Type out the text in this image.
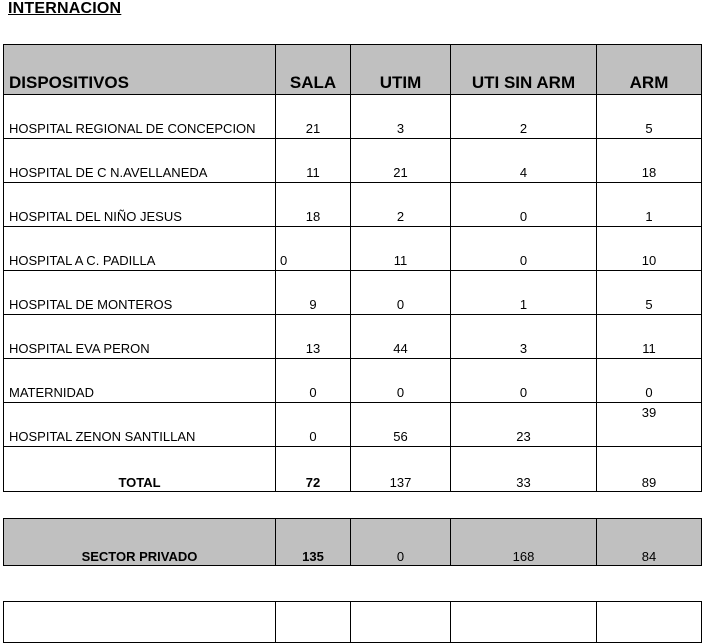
INTERNACION
DISPOSITIVOS	SALA	UTIM	UTI SIN ARM	ARM
HOSPITAL REGIONAL DE CONCEPCION	21	3	2	5
HOSPITAL DE C N.AVELLANEDA	11	21	4	18
HOSPITAL DEL NIÑO JESUS	18	2	0	1
HOSPITAL A C. PADILLA	0	11	0	10
HOSPITAL DE MONTEROS	9	0	1	5
HOSPITAL EVA PERON	13	44	3	11
MATERNIDAD	0	0	0	0
HOSPITAL ZENON SANTILLAN	0	56	23	39

TOTAL	72	137	33	89
SECTOR PRIVADO	135	0	168	84
